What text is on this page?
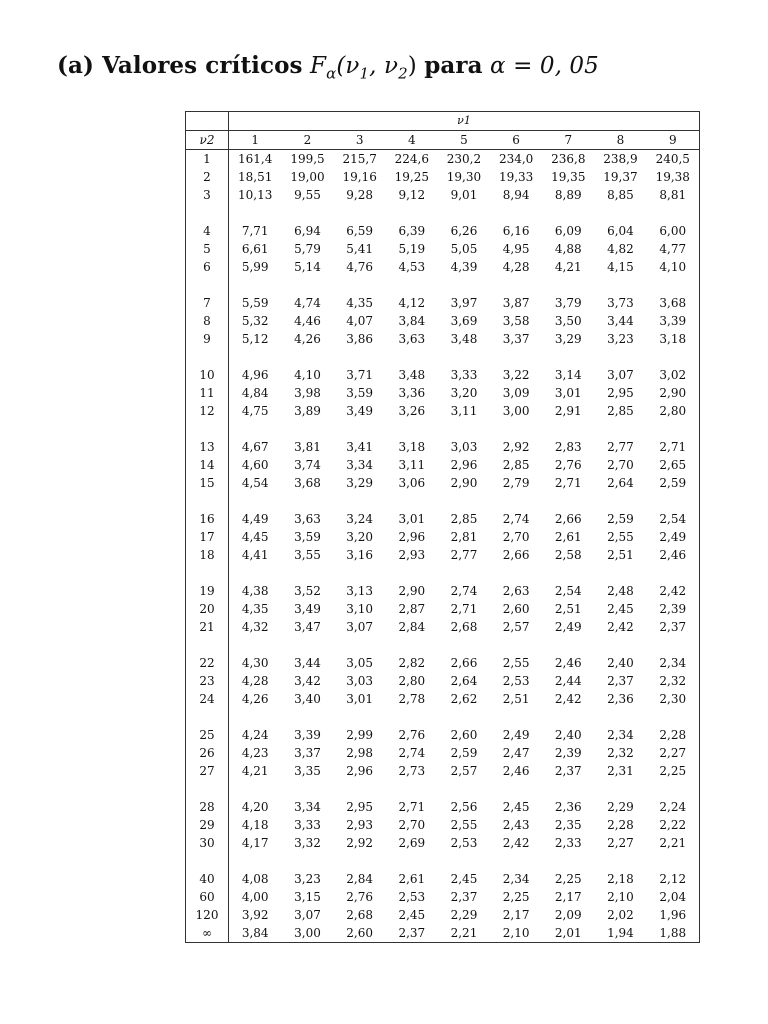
(a) Valores críticos $F_\alpha(\nu_1$, $\nu_2$) para α = 0, 05
	ν1								
ν2	1	2	3	4	5	6	7	8	9
1	161,4	199,5	215,7	224,6	230,2	234,0	236,8	238,9	240,5
2	18,51	19,00	19,16	19,25	19,30	19,33	19,35	19,37	19,38
3	10,13	9,55	9,28	9,12	9,01	8,94	8,89	8,85	8,81

4	7,71	6,94	6,59	6,39	6,26	6,16	6,09	6,04	6,00
5	6,61	5,79	5,41	5,19	5,05	4,95	4,88	4,82	4,77
6	5,99	5,14	4,76	4,53	4,39	4,28	4,21	4,15	4,10

7	5,59	4,74	4,35	4,12	3,97	3,87	3,79	3,73	3,68
8	5,32	4,46	4,07	3,84	3,69	3,58	3,50	3,44	3,39
9	5,12	4,26	3,86	3,63	3,48	3,37	3,29	3,23	3,18

10	4,96	4,10	3,71	3,48	3,33	3,22	3,14	3,07	3,02
11	4,84	3,98	3,59	3,36	3,20	3,09	3,01	2,95	2,90
12	4,75	3,89	3,49	3,26	3,11	3,00	2,91	2,85	2,80

13	4,67	3,81	3,41	3,18	3,03	2,92	2,83	2,77	2,71
14	4,60	3,74	3,34	3,11	2,96	2,85	2,76	2,70	2,65
15	4,54	3,68	3,29	3,06	2,90	2,79	2,71	2,64	2,59

16	4,49	3,63	3,24	3,01	2,85	2,74	2,66	2,59	2,54
17	4,45	3,59	3,20	2,96	2,81	2,70	2,61	2,55	2,49
18	4,41	3,55	3,16	2,93	2,77	2,66	2,58	2,51	2,46

19	4,38	3,52	3,13	2,90	2,74	2,63	2,54	2,48	2,42
20	4,35	3,49	3,10	2,87	2,71	2,60	2,51	2,45	2,39
21	4,32	3,47	3,07	2,84	2,68	2,57	2,49	2,42	2,37

22	4,30	3,44	3,05	2,82	2,66	2,55	2,46	2,40	2,34
23	4,28	3,42	3,03	2,80	2,64	2,53	2,44	2,37	2,32
24	4,26	3,40	3,01	2,78	2,62	2,51	2,42	2,36	2,30

25	4,24	3,39	2,99	2,76	2,60	2,49	2,40	2,34	2,28
26	4,23	3,37	2,98	2,74	2,59	2,47	2,39	2,32	2,27
27	4,21	3,35	2,96	2,73	2,57	2,46	2,37	2,31	2,25

28	4,20	3,34	2,95	2,71	2,56	2,45	2,36	2,29	2,24
29	4,18	3,33	2,93	2,70	2,55	2,43	2,35	2,28	2,22
30	4,17	3,32	2,92	2,69	2,53	2,42	2,33	2,27	2,21

40	4,08	3,23	2,84	2,61	2,45	2,34	2,25	2,18	2,12
60	4,00	3,15	2,76	2,53	2,37	2,25	2,17	2,10	2,04
120	3,92	3,07	2,68	2,45	2,29	2,17	2,09	2,02	1,96
∞	3,84	3,00	2,60	2,37	2,21	2,10	2,01	1,94	1,88
